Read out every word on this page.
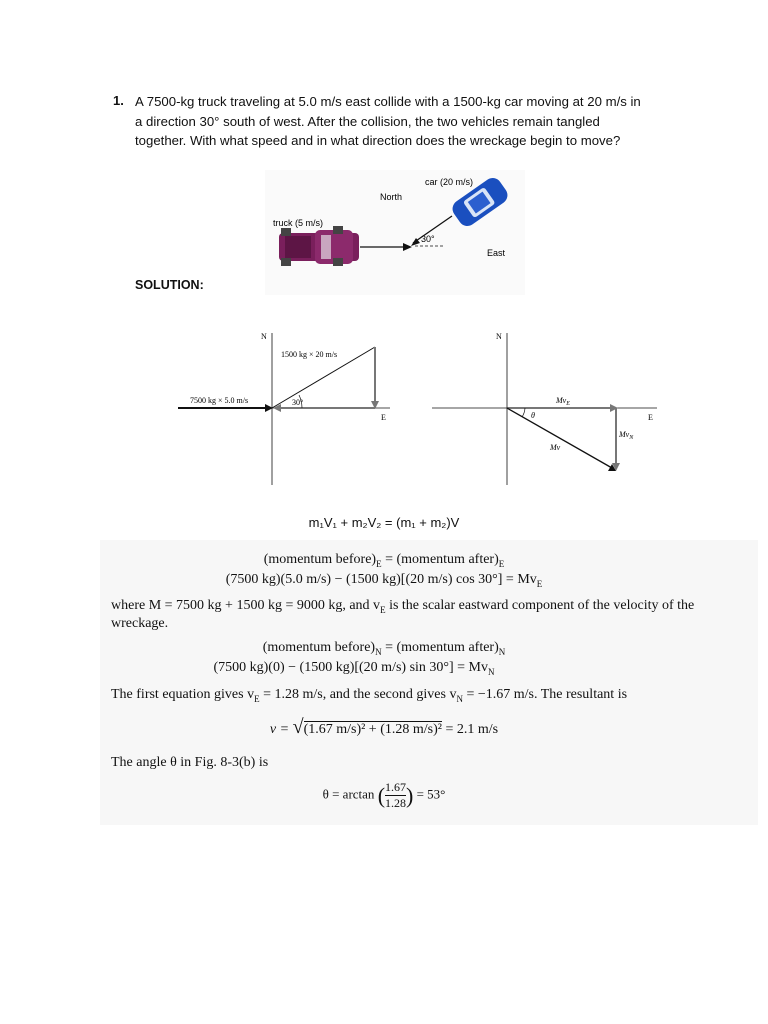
1. A 7500-kg truck traveling at 5.0 m/s east collide with a 1500-kg car moving at 20 m/s in
a direction 30° south of west. After the collision, the two vehicles remain tangled
together. With what speed and in what direction does the wreckage begin to move?
car (20 m/s)
North
truck (5 m/s)
30°
East
SOLUTION:
N
E
1500 kg × 20 m/s
7500 kg × 5.0 m/s	30°
N
E
θ
$Mv_E$
$Mv_N$
Mv
m₁V₁ + m₂V₂ = (m₁ + m₂)V
(momentum $before)_E$ = (momentum $after)_E$
(7500 kg)(5.0 m/s) − (1500 kg)[(20 m/s) $\cos 30^\circ] = Mv_E$
where M = 7500 kg + 1500 kg = 9000 kg, and $v_E$ is the scalar eastward component of the velocity of the
wreckage.
(momentum $before)_N$ = (momentum $after)_N$
(7500 kg)(0) − (1500 kg)[(20 m/s) $\sin 30^\circ] = Mv_N$
The first equation gives $v_E = 1.28$ m/s, and the second gives $v_N = -1.67$ m/s. The resultant is
v = √(1.67 m/s)² + (1.28 m/s)² = 2.1 m/s
The angle θ in Fig. 8-3(b) is
θ = arctan ( $\frac{1.67}{1.28}$ ) = 53°
